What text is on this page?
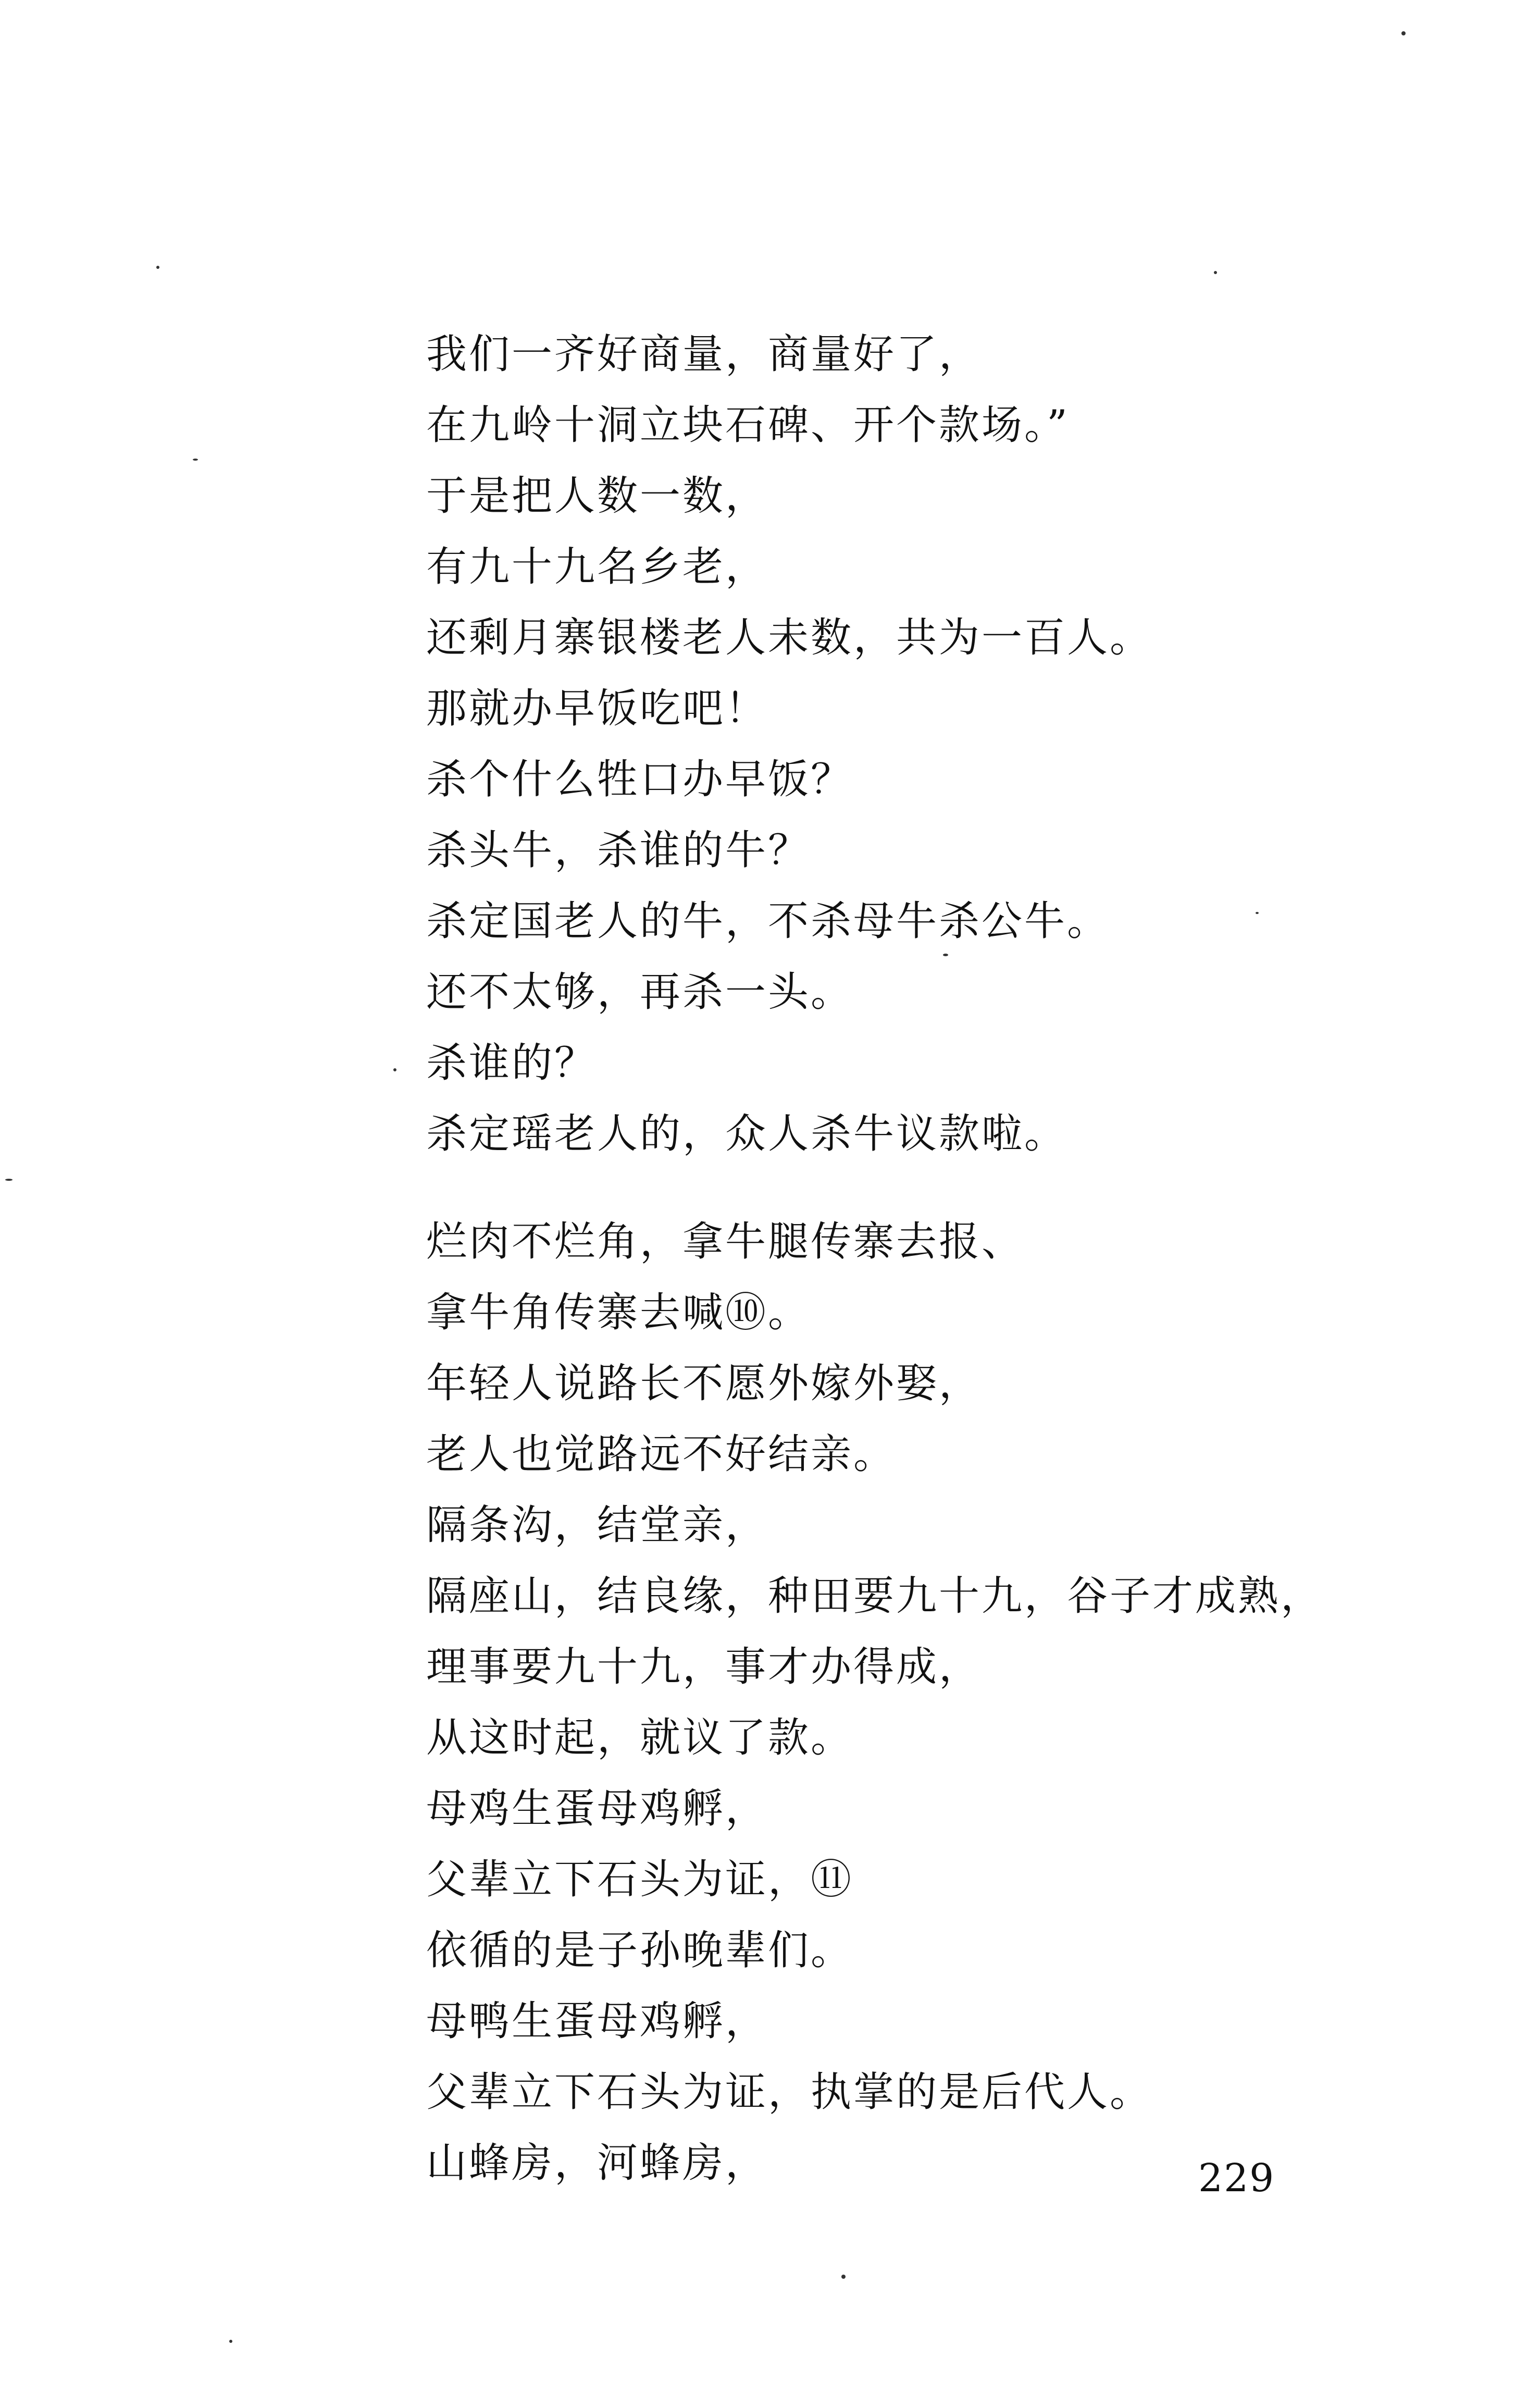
我们一齐好商量，商量好了，
在九岭十洞立块石碑、开个款场。”
于是把人数一数，
有九十九名乡老，
还剩月寨银楼老人未数，共为一百人。
那就办早饭吃吧！
杀个什么牲口办早饭？
杀头牛，杀谁的牛？
杀定国老人的牛，不杀母牛杀公牛。
还不太够，再杀一头。
杀谁的？
杀定瑶老人的，众人杀牛议款啦。
烂肉不烂角，拿牛腿传寨去报、
拿牛角传寨去喊⑩。
年轻人说路长不愿外嫁外娶，
老人也觉路远不好结亲。
隔条沟，结堂亲，
隔座山，结良缘，种田要九十九，谷子才成熟，
理事要九十九，事才办得成，
从这时起，就议了款。
母鸡生蛋母鸡孵，
父辈立下石头为证，⑪
依循的是子孙晚辈们。
母鸭生蛋母鸡孵，
父辈立下石头为证，执掌的是后代人。
山蜂房，河蜂房，	229
